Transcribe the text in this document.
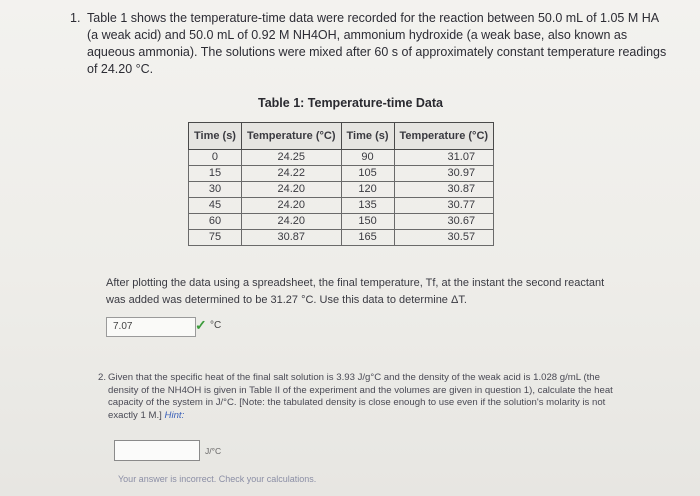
1. Table 1 shows the temperature-time data were recorded for the reaction between 50.0 mL of 1.05 M HA (a weak acid) and 50.0 mL of 0.92 M NH4OH, ammonium hydroxide (a weak base, also known as aqueous ammonia). The solutions were mixed after 60 s of approximately constant temperature readings of 24.20 °C.
Table 1: Temperature-time Data
Time (s)	Temperature (°C)	Time (s)	Temperature (°C)
0	24.25	90	31.07
15	24.22	105	30.97
30	24.20	120	30.87
45	24.20	135	30.77
60	24.20	150	30.67
75	30.87	165	30.57
After plotting the data using a spreadsheet, the final temperature, Tf, at the instant the second reactant was added was determined to be 31.27 °C. Use this data to determine ΔT.
7.07	✓ °C
2. Given that the specific heat of the final salt solution is 3.93 J/g°C and the density of the weak acid is 1.028 g/mL (the density of the NH4OH is given in Table II of the experiment and the volumes are given in question 1), calculate the heat capacity of the system in J/°C. [Note: the tabulated density is close enough to use even if the solution's molarity is not exactly 1 M.] Hint:
J/°C
Your answer is incorrect. Check your calculations.
